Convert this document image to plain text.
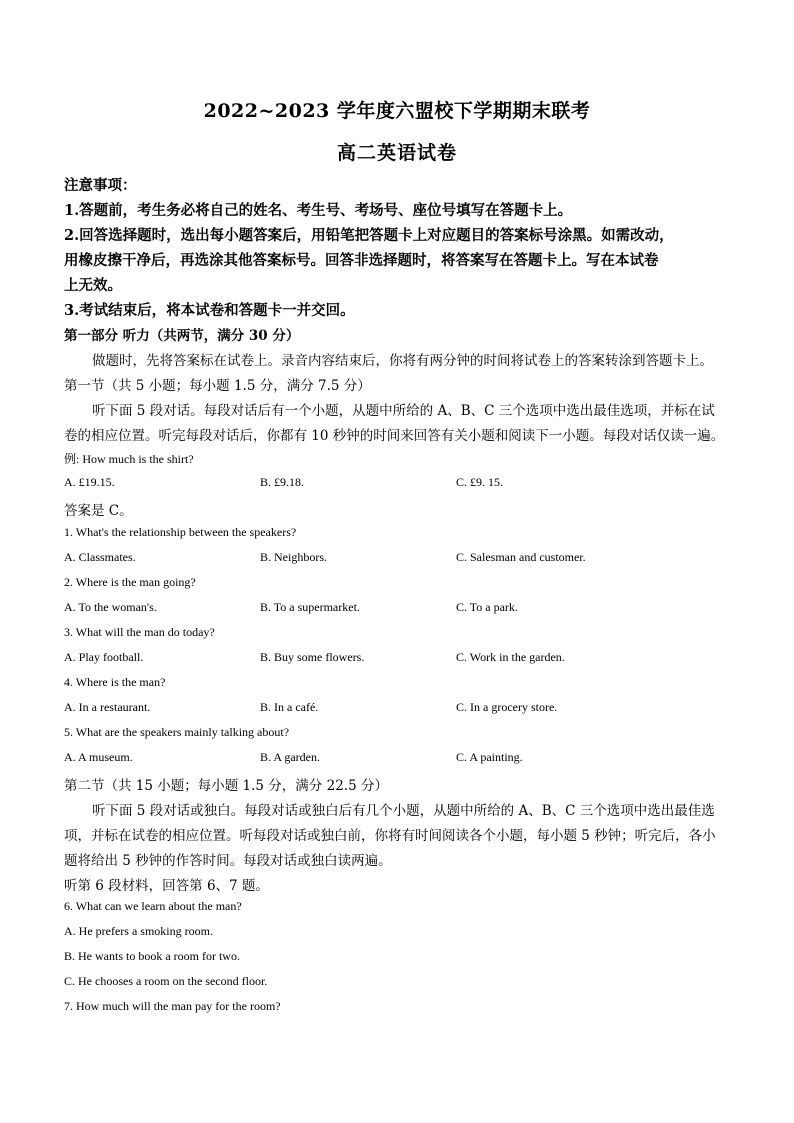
2022~2023 学年度六盟校下学期期末联考
高二英语试卷
注意事项：
1.答题前，考生务必将自己的姓名、考生号、考场号、座位号填写在答题卡上。
2.回答选择题时，选出每小题答案后，用铅笔把答题卡上对应题目的答案标号涂黑。如需改动，
用橡皮擦干净后，再选涂其他答案标号。回答非选择题时，将答案写在答题卡上。写在本试卷
上无效。
3.考试结束后，将本试卷和答题卡一并交回。
第一部分 听力（共两节，满分 30 分）
做题时，先将答案标在试卷上。录音内容结束后，你将有两分钟的时间将试卷上的答案转涂到答题卡上。
第一节（共 5 小题；每小题 1.5 分，满分 7.5 分）
听下面 5 段对话。每段对话后有一个小题，从题中所给的 A、B、C 三个选项中选出最佳选项，并标在试
卷的相应位置。听完每段对话后，你都有 10 秒钟的时间来回答有关小题和阅读下一小题。每段对话仅读一遍。
例: How much is the shirt?
A. £19.15.	B. £9.18.	C. £9. 15.
答案是 C。
1. What's the relationship between the speakers?
A. Classmates.	B. Neighbors.	C. Salesman and customer.
2. Where is the man going?
A. To the woman's.	B. To a supermarket.	C. To a park.
3. What will the man do today?
A. Play football.	B. Buy some flowers.	C. Work in the garden.
4. Where is the man?
A. In a restaurant.	B. In a café.	C. In a grocery store.
5. What are the speakers mainly talking about?
A. A museum.	B. A garden.	C. A painting.
第二节（共 15 小题；每小题 1.5 分，满分 22.5 分）
听下面 5 段对话或独白。每段对话或独白后有几个小题，从题中所给的 A、B、C 三个选项中选出最佳选
项，并标在试卷的相应位置。听每段对话或独白前，你将有时间阅读各个小题，每小题 5 秒钟；听完后，各小
题将给出 5 秒钟的作答时间。每段对话或独白读两遍。
听第 6 段材料，回答第 6、7 题。
6. What can we learn about the man?
A. He prefers a smoking room.
B. He wants to book a room for two.
C. He chooses a room on the second floor.
7. How much will the man pay for the room?
